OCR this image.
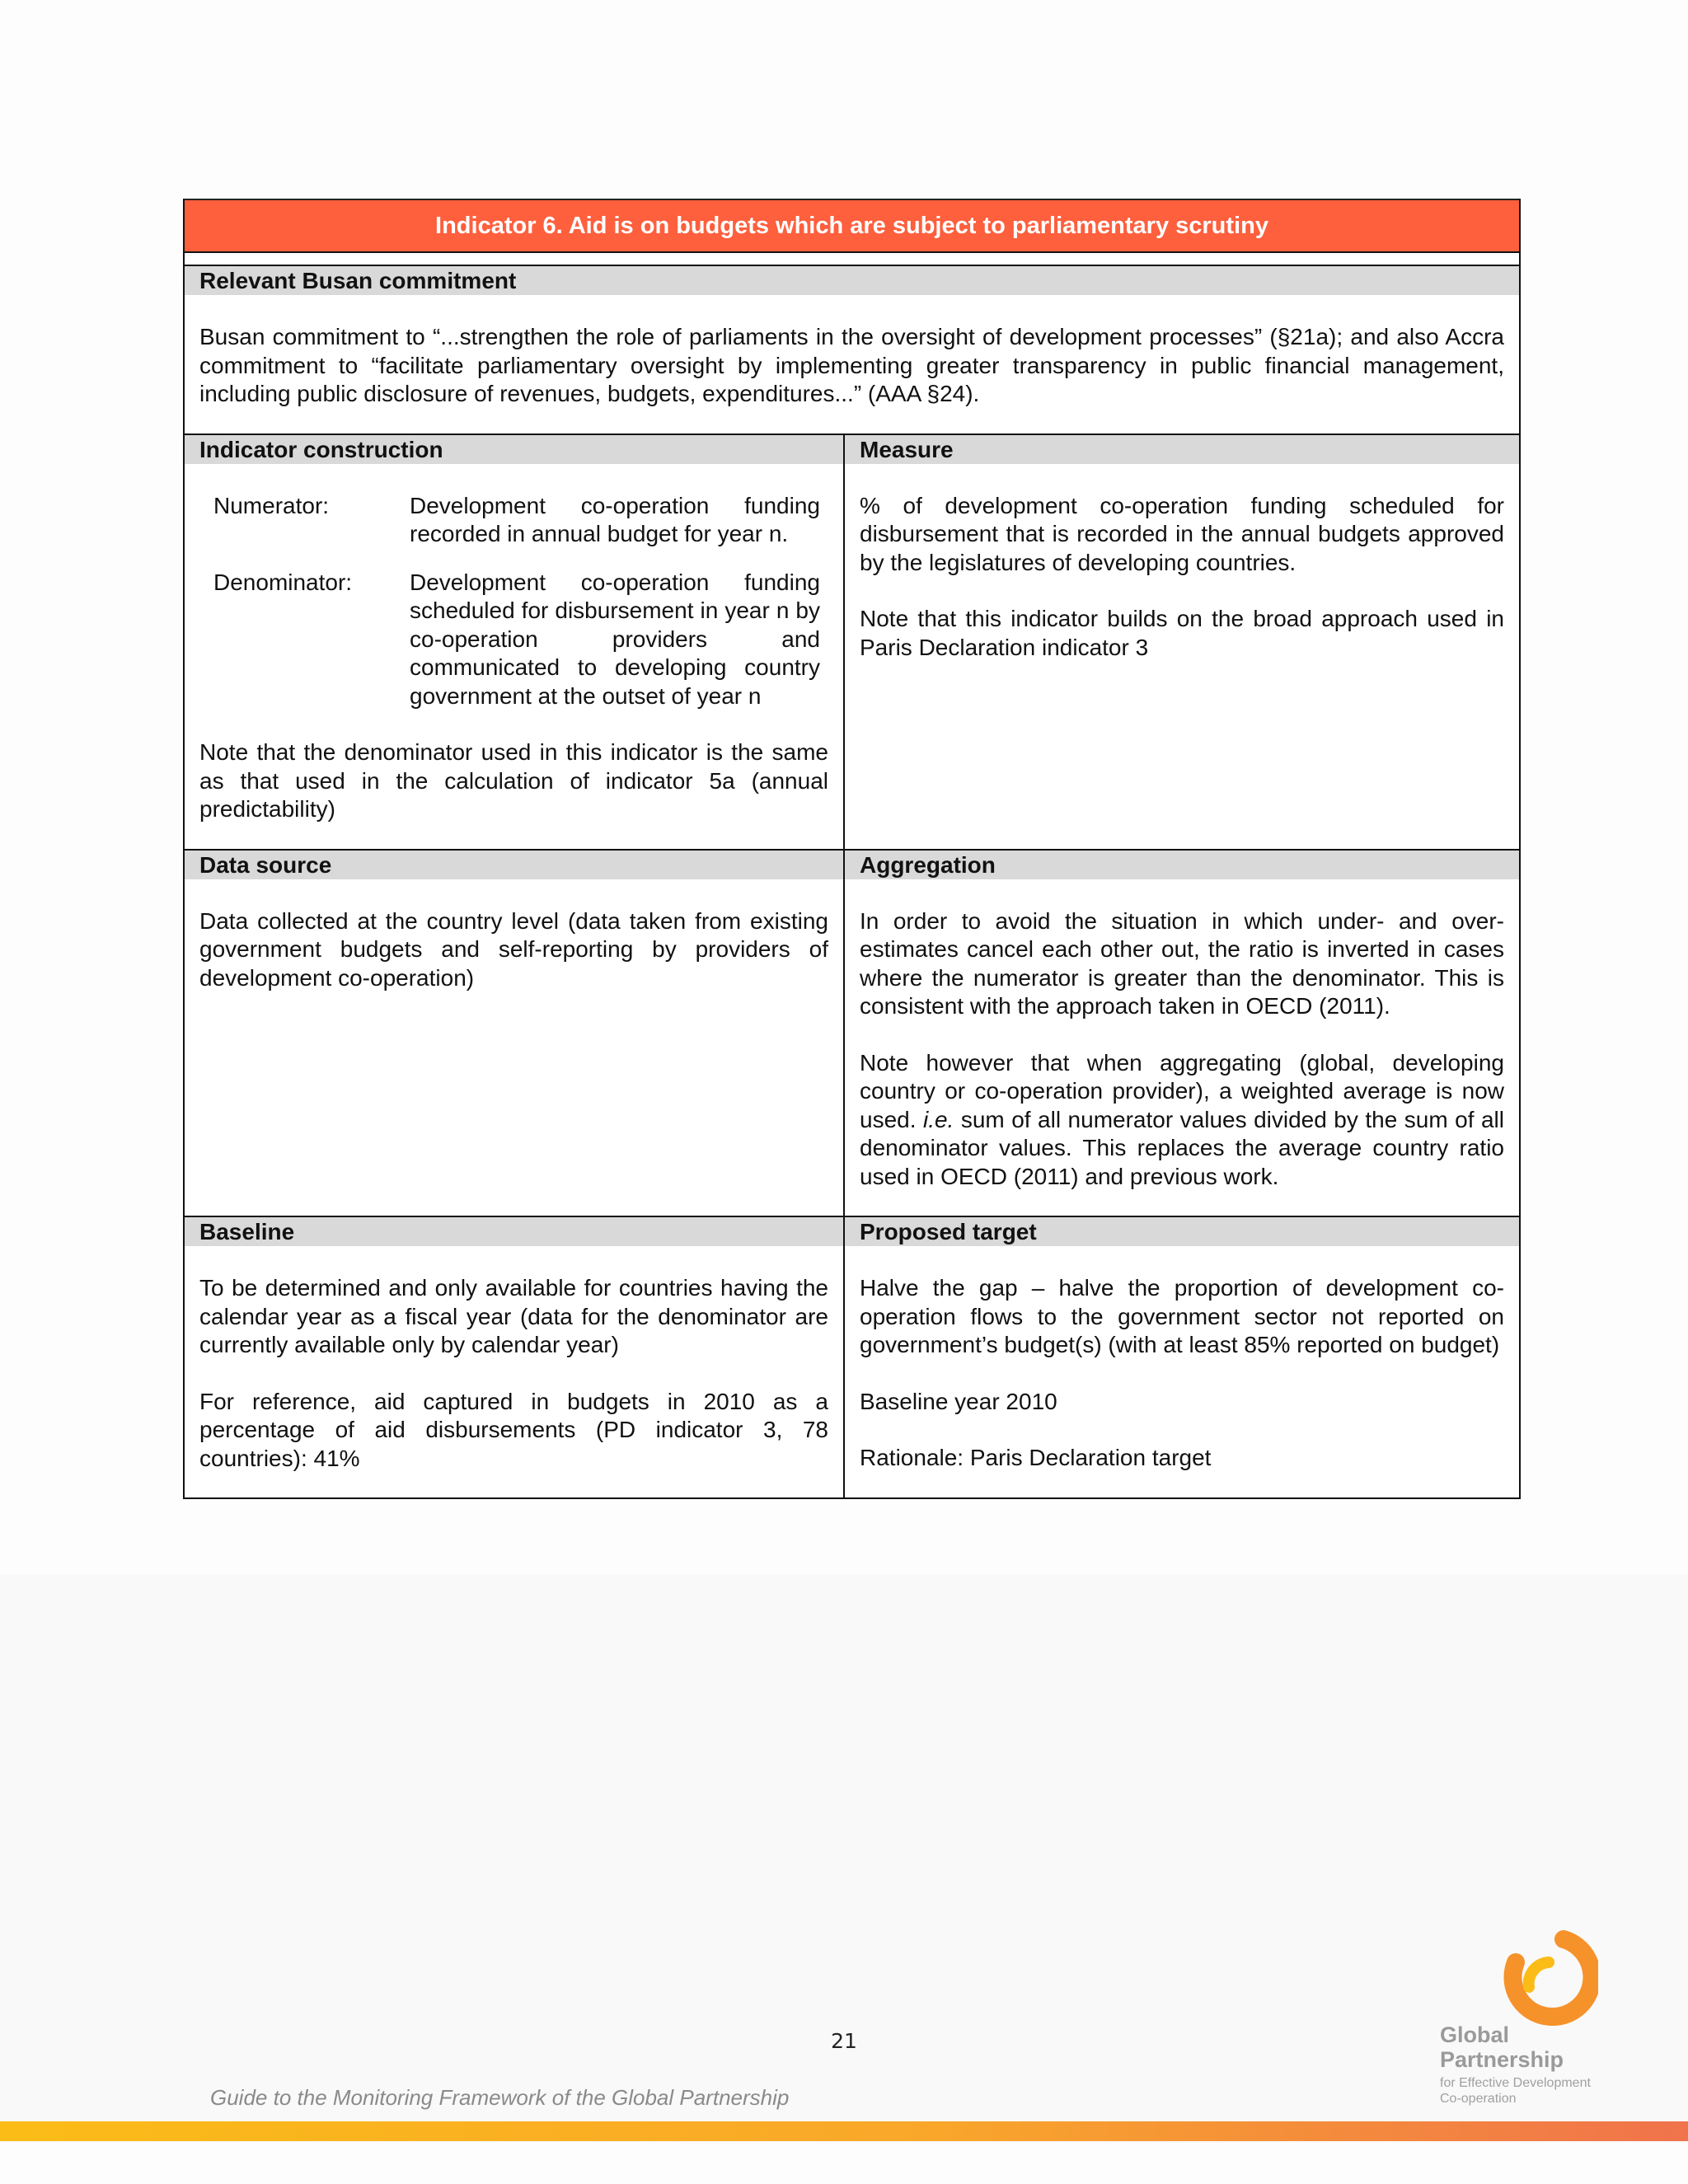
Indicator 6. Aid is on budgets which are subject to parliamentary scrutiny
Relevant Busan commitment

Busan commitment to “...strengthen the role of parliaments in the oversight of development processes” (§21a); and also Accra commitment to “facilitate parliamentary oversight by implementing greater transparency in public financial management, including public disclosure of revenues, budgets, expenditures...” (AAA §24).

Indicator construction
Numerator:	Development co-operation funding recorded in annual budget for year n.
Denominator:	Development co-operation funding scheduled for disbursement in year n by co-operation providers and communicated to developing country government at the outset of year n

Note that the denominator used in this indicator is the same as that used in the calculation of indicator 5a (annual predictability)

Measure

% of development co-operation funding scheduled for disbursement that is recorded in the annual budgets approved by the legislatures of developing countries.

Note that this indicator builds on the broad approach used in Paris Declaration indicator 3

Data source

Data collected at the country level (data taken from existing government budgets and self-reporting by providers of development co-operation)

Aggregation

In order to avoid the situation in which under- and over-estimates cancel each other out, the ratio is inverted in cases where the numerator is greater than the denominator. This is consistent with the approach taken in OECD (2011).

Note however that when aggregating (global, developing country or co-operation provider), a weighted average is now used. i.e. sum of all numerator values divided by the sum of all denominator values. This replaces the average country ratio used in OECD (2011) and previous work.

Baseline

To be determined and only available for countries having the calendar year as a fiscal year (data for the denominator are currently available only by calendar year)

For reference, aid captured in budgets in 2010 as a percentage of aid disbursements (PD indicator 3, 78 countries): 41%

Proposed target

Halve the gap – halve the proportion of development co-operation flows to the government sector not reported on government’s budget(s) (with at least 85% reported on budget)

Baseline year 2010

Rationale: Paris Declaration target

21
Guide to the Monitoring Framework of the Global Partnership
Global
Partnership
for Effective Development
Co-operation
